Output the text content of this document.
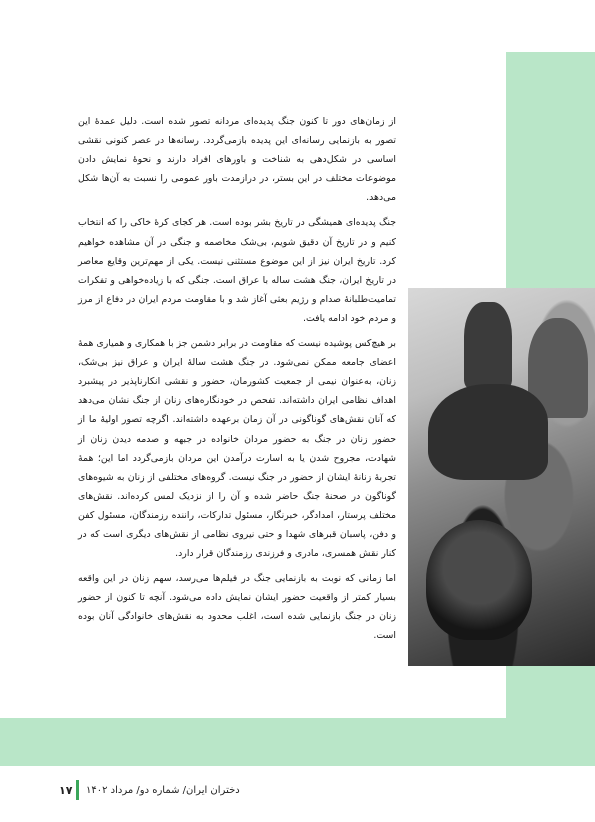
از زمان‌های دور تا کنون جنگ پدیده‌ای مردانه تصور شده است. دلیل عمدهٔ این تصور به بازنمایی رسانه‌ای این پدیده بازمی‌گردد. رسانه‌ها در عصر کنونی نقشی اساسی در شکل‌دهی به شناخت و باورهای افراد دارند و نحوهٔ نمایش دادن موضوعات مختلف در این بستر، در درازمدت باور عمومی را نسبت به آن‌ها شکل می‌دهد.

جنگ پدیده‌ای همیشگی در تاریخ بشر بوده است. هر کجای کرهٔ خاکی را که انتخاب کنیم و در تاریخ آن دقیق شویم، بی‌شک مخاصمه و جنگی در آن مشاهده خواهیم کرد. تاریخ ایران نیز از این موضوع مستثنی نیست. یکی از مهم‌ترین وقایع معاصر در تاریخ ایران، جنگ هشت ساله با عراق است. جنگی که با زیاده‌خواهی و تفکرات تمامیت‌طلبانهٔ صدام و رژیم بعثی آغاز شد و با مقاومت مردم ایران در دفاع از مرز و مردم خود ادامه یافت.

بر هیچ‌کس پوشیده نیست که مقاومت در برابر دشمن جز با همکاری و همیاری همهٔ اعضای جامعه ممکن نمی‌شود. در جنگ هشت سالهٔ ایران و عراق نیز بی‌شک، زنان، به‌عنوان نیمی از جمعیت کشورمان، حضور و نقشی انکارناپذیر در پیشبرد اهداف نظامی ایران داشته‌اند. تفحص در خودنگاره‌های زنان از جنگ نشان می‌دهد که آنان نقش‌های گوناگونی در آن زمان برعهده داشته‌اند. اگرچه تصور اولیهٔ ما از حضور زنان در جنگ به حضور مردان خانواده در جبهه و صدمه دیدن زنان از شهادت، مجروح شدن یا به اسارت درآمدن این مردان بازمی‌گردد اما این؛ همهٔ تجربهٔ زنانهٔ ایشان از حضور در جنگ نیست. گروه‌های مختلفی از زنان به شیوه‌های گوناگون در صحنهٔ جنگ حاضر شده و آن را از نزدیک لمس کرده‌اند. نقش‌های مختلف پرستار، امدادگر، خبرنگار، مسئول تدارکات، راننده رزمندگان، مسئول کفن و دفن، پاسبان قبرهای شهدا و حتی نیروی نظامی از نقش‌های دیگری است که در کنار نقش همسری، مادری و فرزندی رزمندگان قرار دارد.

اما زمانی که نوبت به بازنمایی جنگ در فیلم‌ها می‌رسد، سهم زنان در این واقعه بسیار کمتر از واقعیت حضور ایشان نمایش داده می‌شود. آنچه تا کنون از حضور زنان در جنگ بازنمایی شده است، اغلب محدود به نقش‌های خانوادگی آنان بوده است.

۱۷ دختران ایران/ شماره دو/ مرداد ۱۴۰۲
